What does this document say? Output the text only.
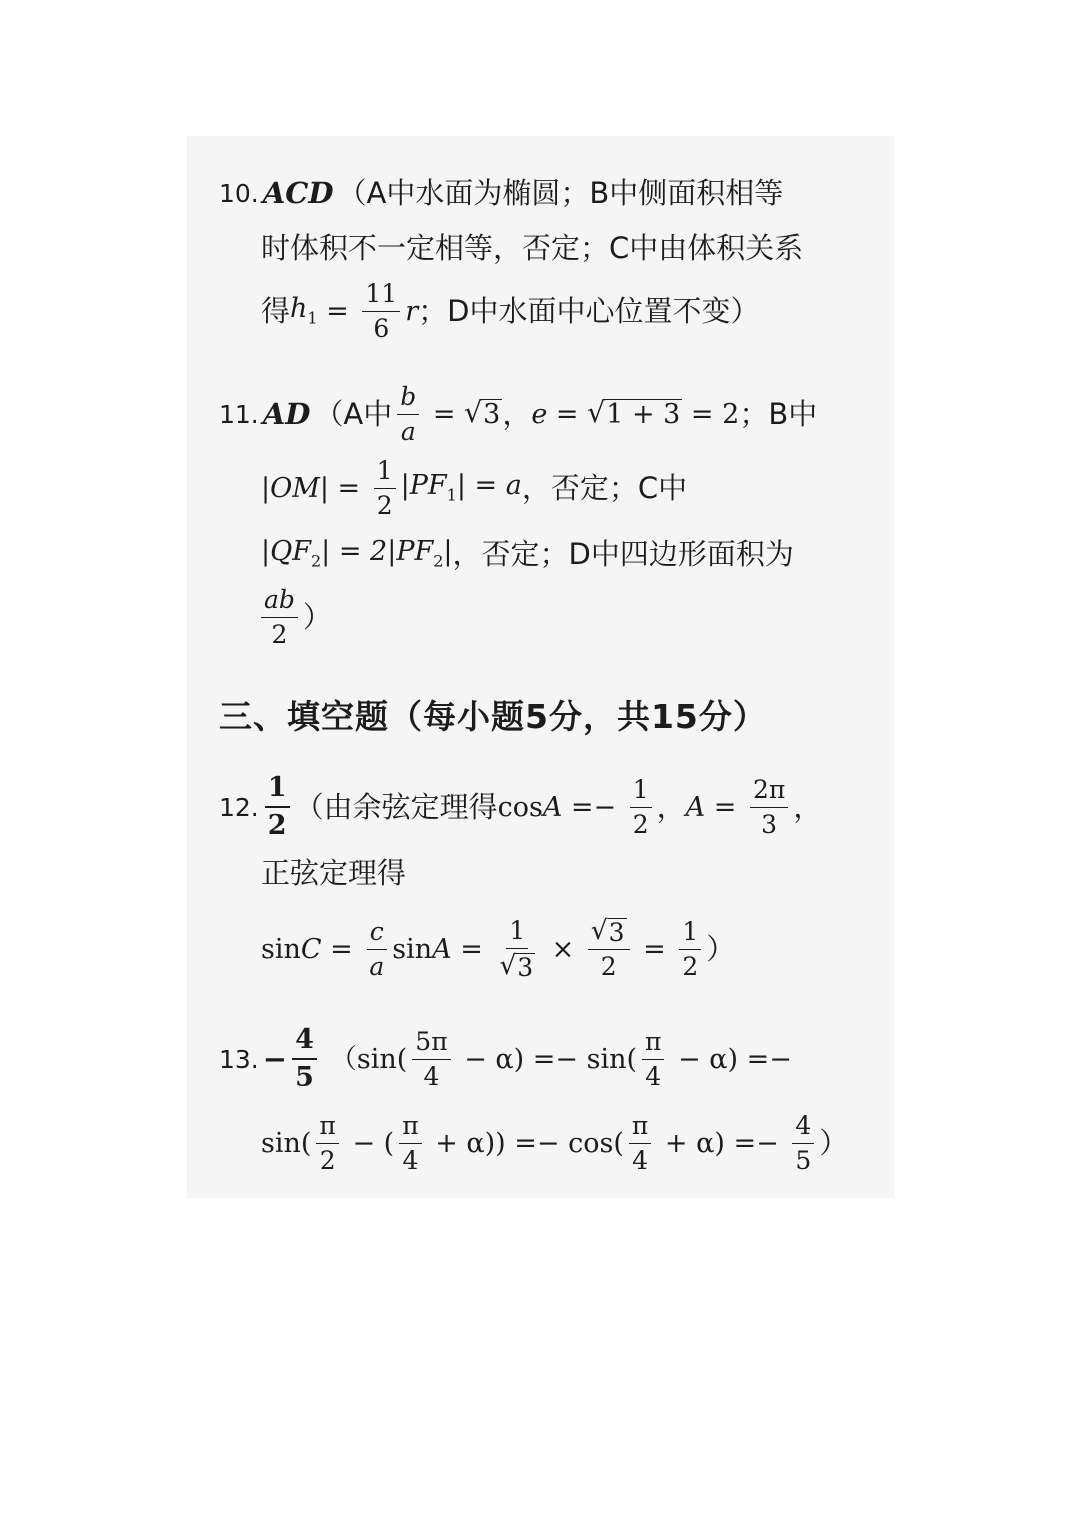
10. ACD （A中水面为椭圆；B中侧面积相等
时体积不一定相等，否定；C中由体积关系
得 $h_1 = \frac{11}{6}$ r ；D中水面中心位置不变）
11. AD （A中 $\frac{b}{a}$ = √ 3 ， e = √ 1 + 3 = 2 ；B中
$|OM| = \frac{1}{2} |PF_1| = a$ ，否定；C中
$|QF_2| = 2|PF_2|$ ，否定；D中四边形面积为
$\frac{ab}{2}$ ）
三、填空题（每小题5分，共15分）
12. $\frac{1}{2}$ （由余弦定理得 $\cos A =- \frac{1}{2}$ ， $A = \frac{2\pi}{3}$ ，
正弦定理得
$\sin C = \frac{c}{a}$ $\sin A = \frac{1}{√ 3} \times \frac{√ 3}{2} = \frac{1}{2}$ ）
13. − $\frac{4}{5} (\sin( \frac{5\pi}{4} - \alpha) =- \sin( \frac{\pi}{4} - \alpha)$ =−
$\sin( \frac{\pi}{2}$ − ( $\frac{\pi}{4} + \alpha)) =- \cos( \frac{\pi}{4} + \alpha) =- \frac{4}{5}$ ）
